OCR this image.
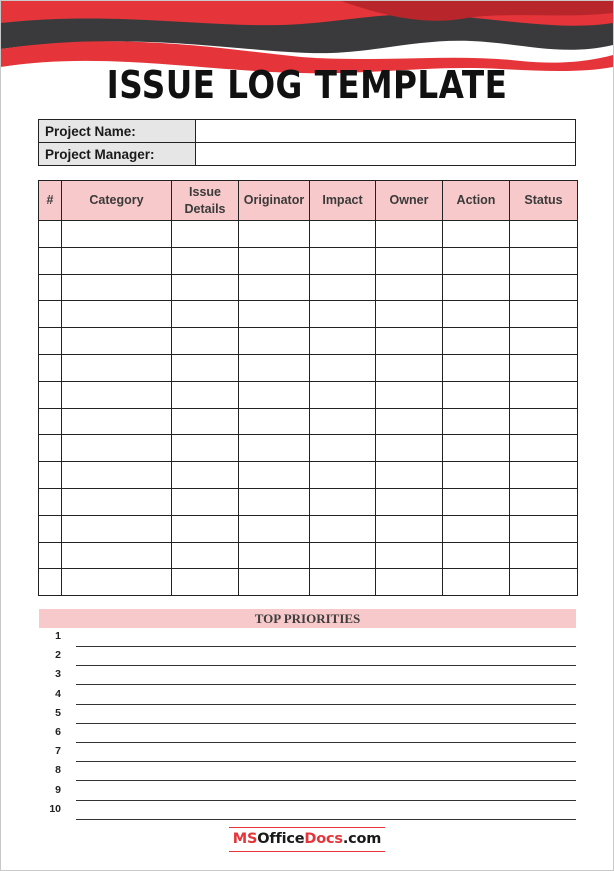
ISSUE LOG TEMPLATE
Project Name:	
Project Manager:	
#	Category	Issue Details	Originator	Impact	Owner	Action	Status

TOP PRIORITIES
1
2
3
4
5
6
7
8
9
10
MSOfficeDocs.com
